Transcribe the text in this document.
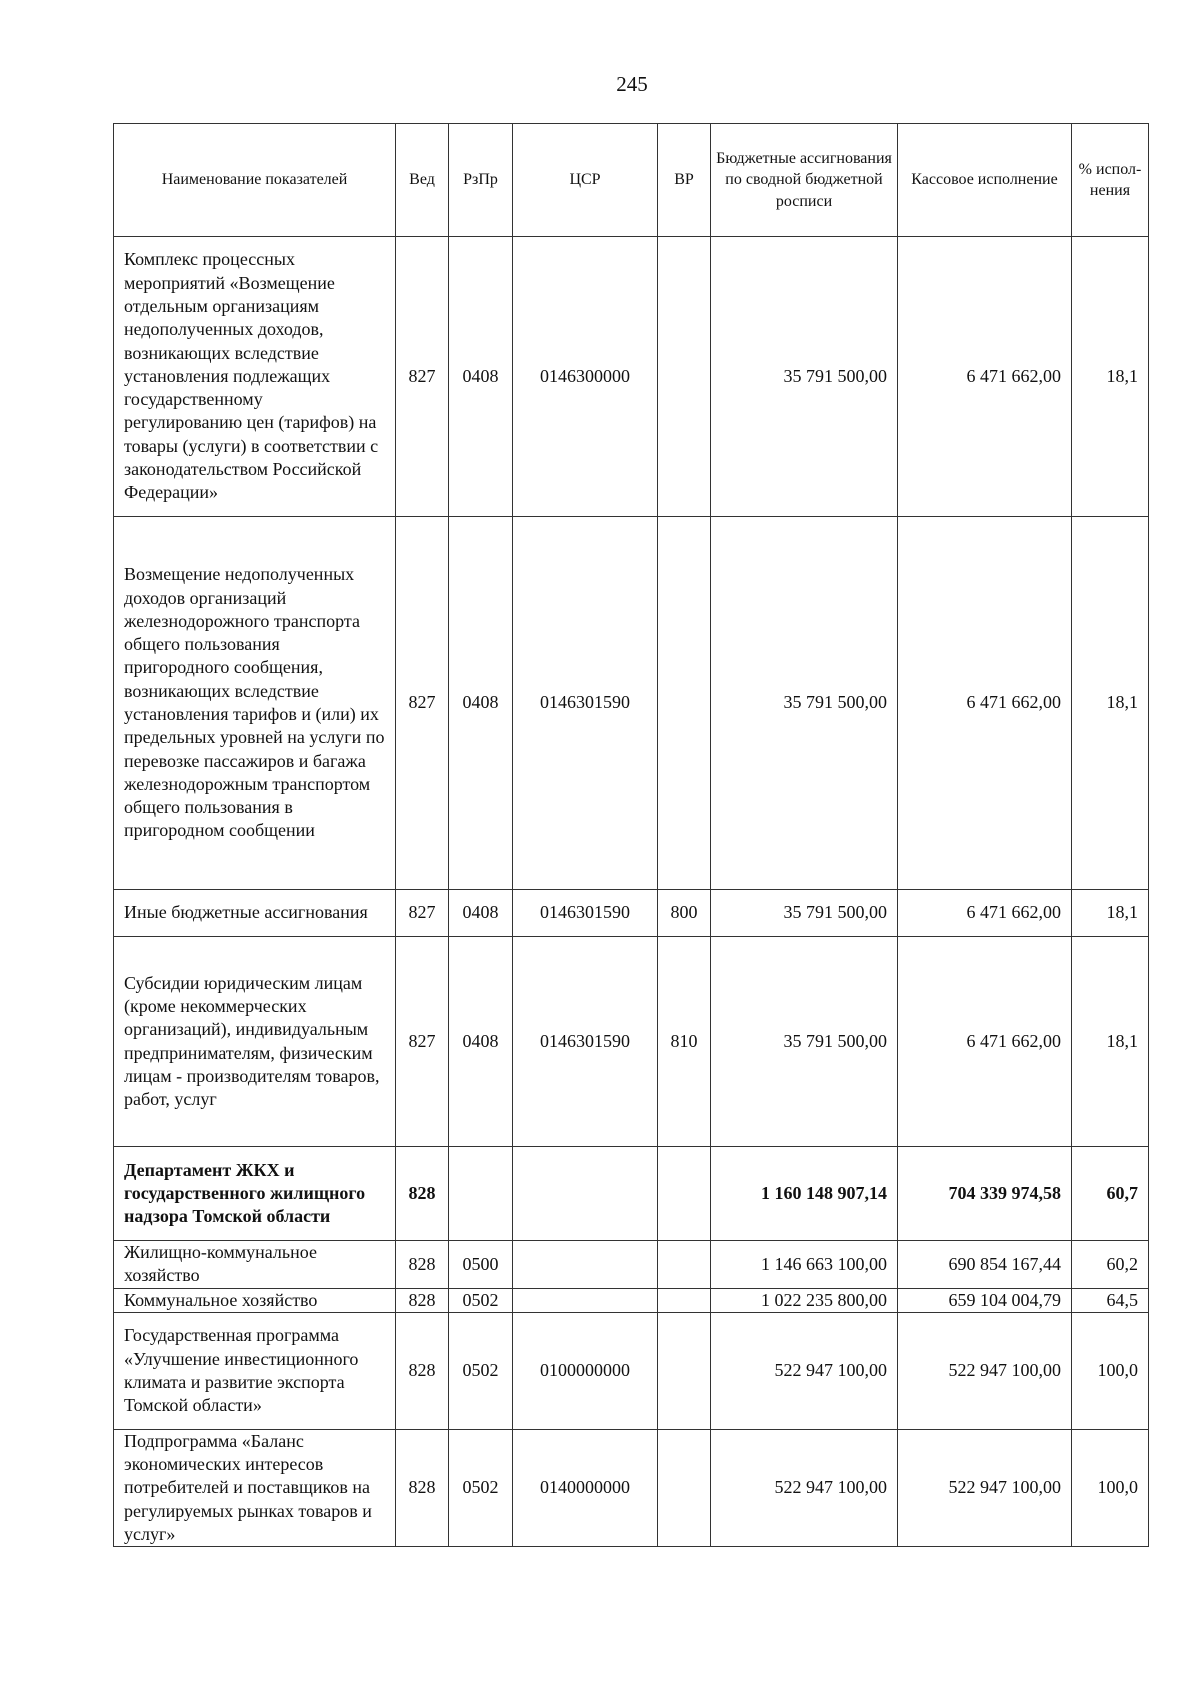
245
Наименование показателей	Вед	РзПр	ЦСР	ВР	Бюджетные ассигнования по сводной бюджетной росписи	Кассовое исполнение	% испол-нения
Комплекс процессных мероприятий «Возмещение отдельным организациям недополученных доходов, возникающих вследствие установления подлежащих государственному регулированию цен (тарифов) на товары (услуги) в соответствии с законодательством Российской Федерации»	827	0408	0146300000		35 791 500,00	6 471 662,00	18,1
Возмещение недополученных доходов организаций железнодорожного транспорта общего пользования пригородного сообщения, возникающих вследствие установления тарифов и (или) их предельных уровней на услуги по перевозке пассажиров и багажа железнодорожным транспортом общего пользования в пригородном сообщении	827	0408	0146301590		35 791 500,00	6 471 662,00	18,1
Иные бюджетные ассигнования	827	0408	0146301590	800	35 791 500,00	6 471 662,00	18,1
Субсидии юридическим лицам (кроме некоммерческих организаций), индивидуальным предпринимателям, физическим лицам - производителям товаров, работ, услуг	827	0408	0146301590	810	35 791 500,00	6 471 662,00	18,1
Департамент ЖКХ и государственного жилищного надзора Томской области	828				1 160 148 907,14	704 339 974,58	60,7
Жилищно-коммунальное хозяйство	828	0500			1 146 663 100,00	690 854 167,44	60,2
Коммунальное хозяйство	828	0502			1 022 235 800,00	659 104 004,79	64,5
Государственная программа «Улучшение инвестиционного климата и развитие экспорта Томской области»	828	0502	0100000000		522 947 100,00	522 947 100,00	100,0
Подпрограмма «Баланс экономических интересов потребителей и поставщиков на регулируемых рынках товаров и услуг»	828	0502	0140000000		522 947 100,00	522 947 100,00	100,0
